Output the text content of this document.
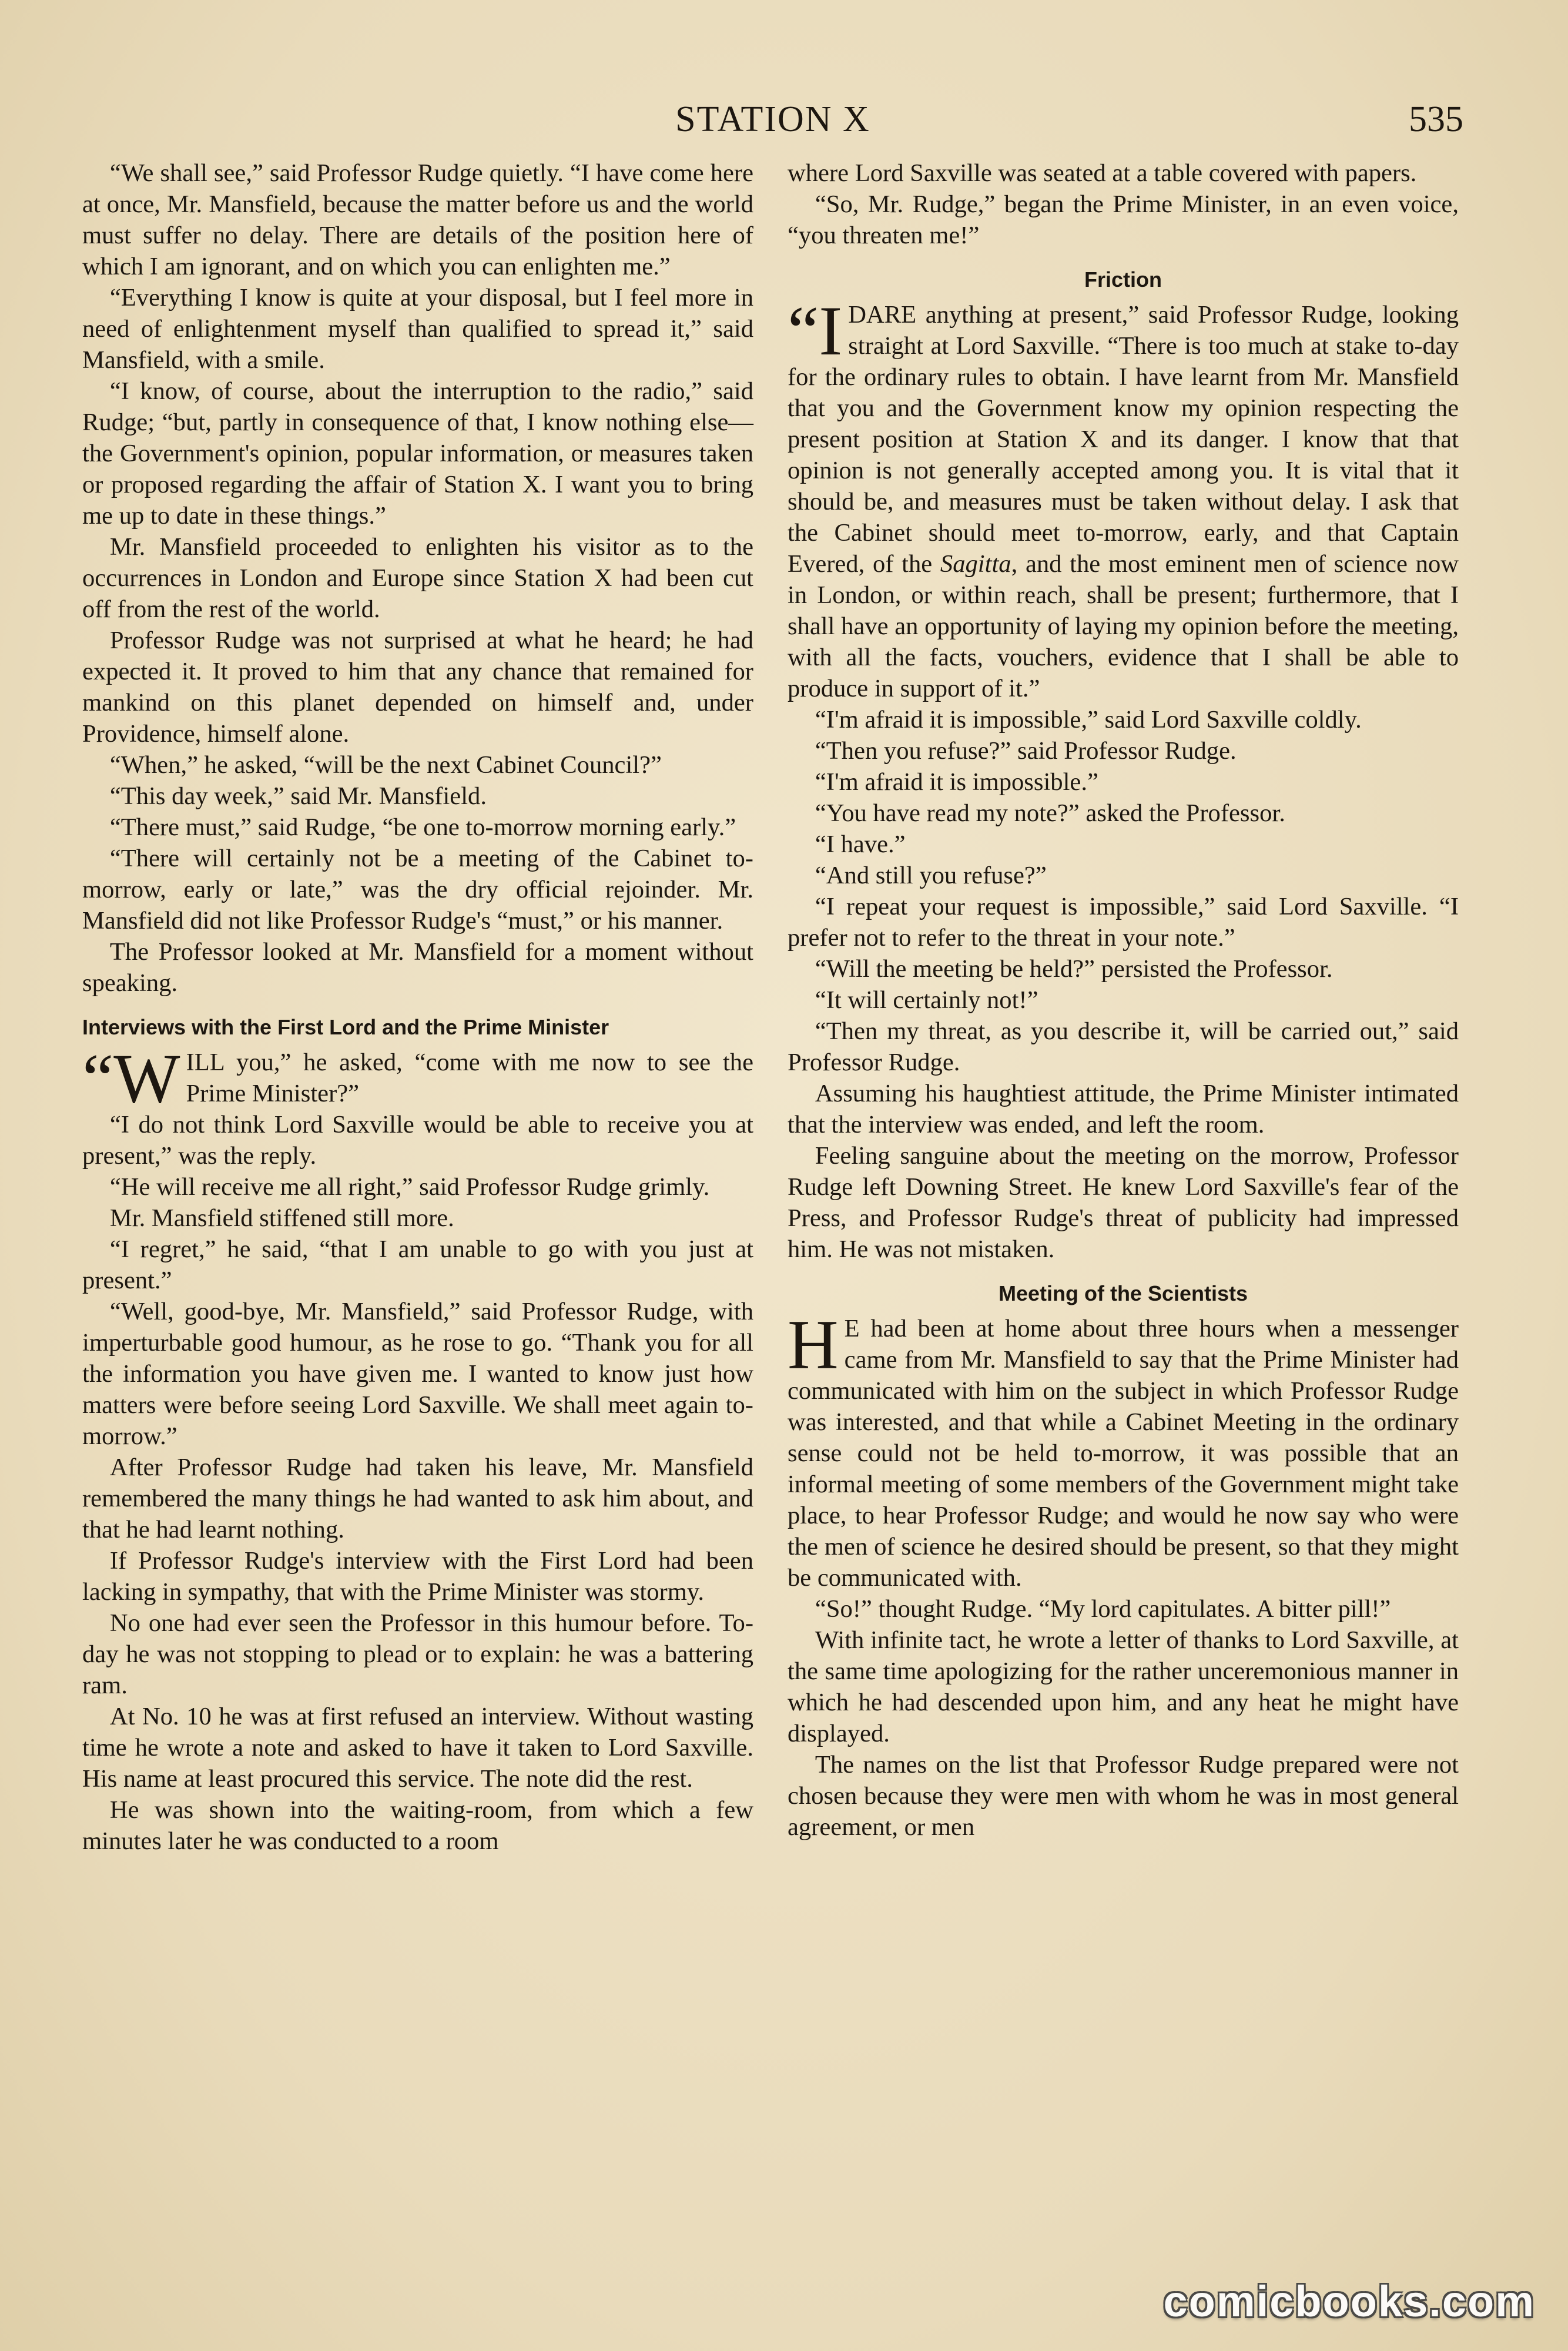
STATION X	535

“We shall see,” said Professor Rudge quietly. “I have come here at once, Mr. Mansfield, because the matter before us and the world must suffer no delay. There are details of the position here of which I am ignorant, and on which you can enlighten me.”

“Everything I know is quite at your disposal, but I feel more in need of enlightenment myself than qualified to spread it,” said Mansfield, with a smile.

“I know, of course, about the interruption to the radio,” said Rudge; “but, partly in consequence of that, I know nothing else—the Government's opinion, popular information, or measures taken or proposed regarding the affair of Station X. I want you to bring me up to date in these things.”

Mr. Mansfield proceeded to enlighten his visitor as to the occurrences in London and Europe since Station X had been cut off from the rest of the world.

Professor Rudge was not surprised at what he heard; he had expected it. It proved to him that any chance that remained for mankind on this planet depended on himself and, under Providence, himself alone.

“When,” he asked, “will be the next Cabinet Council?”

“This day week,” said Mr. Mansfield.

“There must,” said Rudge, “be one to-morrow morning early.”

“There will certainly not be a meeting of the Cabinet to-morrow, early or late,” was the dry official rejoinder. Mr. Mansfield did not like Professor Rudge's “must,” or his manner.

The Professor looked at Mr. Mansfield for a moment without speaking.

Interviews with the First Lord and the Prime Minister

“WILL you,” he asked, “come with me now to see the Prime Minister?”

“I do not think Lord Saxville would be able to receive you at present,” was the reply.

“He will receive me all right,” said Professor Rudge grimly.

Mr. Mansfield stiffened still more.

“I regret,” he said, “that I am unable to go with you just at present.”

“Well, good-bye, Mr. Mansfield,” said Professor Rudge, with imperturbable good humour, as he rose to go. “Thank you for all the information you have given me. I wanted to know just how matters were before seeing Lord Saxville. We shall meet again to-morrow.”

After Professor Rudge had taken his leave, Mr. Mansfield remembered the many things he had wanted to ask him about, and that he had learnt nothing.

If Professor Rudge's interview with the First Lord had been lacking in sympathy, that with the Prime Minister was stormy.

No one had ever seen the Professor in this humour before. To-day he was not stopping to plead or to explain: he was a battering ram.

At No. 10 he was at first refused an interview. Without wasting time he wrote a note and asked to have it taken to Lord Saxville. His name at least procured this service. The note did the rest.

He was shown into the waiting-room, from which a few minutes later he was conducted to a room

where Lord Saxville was seated at a table covered with papers.

“So, Mr. Rudge,” began the Prime Minister, in an even voice, “you threaten me!”

Friction

“IDARE anything at present,” said Professor Rudge, looking straight at Lord Saxville. “There is too much at stake to-day for the ordinary rules to obtain. I have learnt from Mr. Mansfield that you and the Government know my opinion respecting the present position at Station X and its danger. I know that that opinion is not generally accepted among you. It is vital that it should be, and measures must be taken without delay. I ask that the Cabinet should meet to-morrow, early, and that Captain Evered, of the Sagitta, and the most eminent men of science now in London, or within reach, shall be present; furthermore, that I shall have an opportunity of laying my opinion before the meeting, with all the facts, vouchers, evidence that I shall be able to produce in support of it.”

“I'm afraid it is impossible,” said Lord Saxville coldly.

“Then you refuse?” said Professor Rudge.

“I'm afraid it is impossible.”

“You have read my note?” asked the Professor.

“I have.”

“And still you refuse?”

“I repeat your request is impossible,” said Lord Saxville. “I prefer not to refer to the threat in your note.”

“Will the meeting be held?” persisted the Professor.

“It will certainly not!”

“Then my threat, as you describe it, will be carried out,” said Professor Rudge.

Assuming his haughtiest attitude, the Prime Minister intimated that the interview was ended, and left the room.

Feeling sanguine about the meeting on the morrow, Professor Rudge left Downing Street. He knew Lord Saxville's fear of the Press, and Professor Rudge's threat of publicity had impressed him. He was not mistaken.

Meeting of the Scientists

H E had been at home about three hours when a messenger came from Mr. Mansfield to say that the Prime Minister had communicated with him on the subject in which Professor Rudge was interested, and that while a Cabinet Meeting in the ordinary sense could not be held to-morrow, it was possible that an informal meeting of some members of the Government might take place, to hear Professor Rudge; and would he now say who were the men of science he desired should be present, so that they might be communicated with.

“So!” thought Rudge. “My lord capitulates. A bitter pill!”

With infinite tact, he wrote a letter of thanks to Lord Saxville, at the same time apologizing for the rather unceremonious manner in which he had descended upon him, and any heat he might have displayed.

The names on the list that Professor Rudge prepared were not chosen because they were men with whom he was in most general agreement, or men

comicbooks.com
